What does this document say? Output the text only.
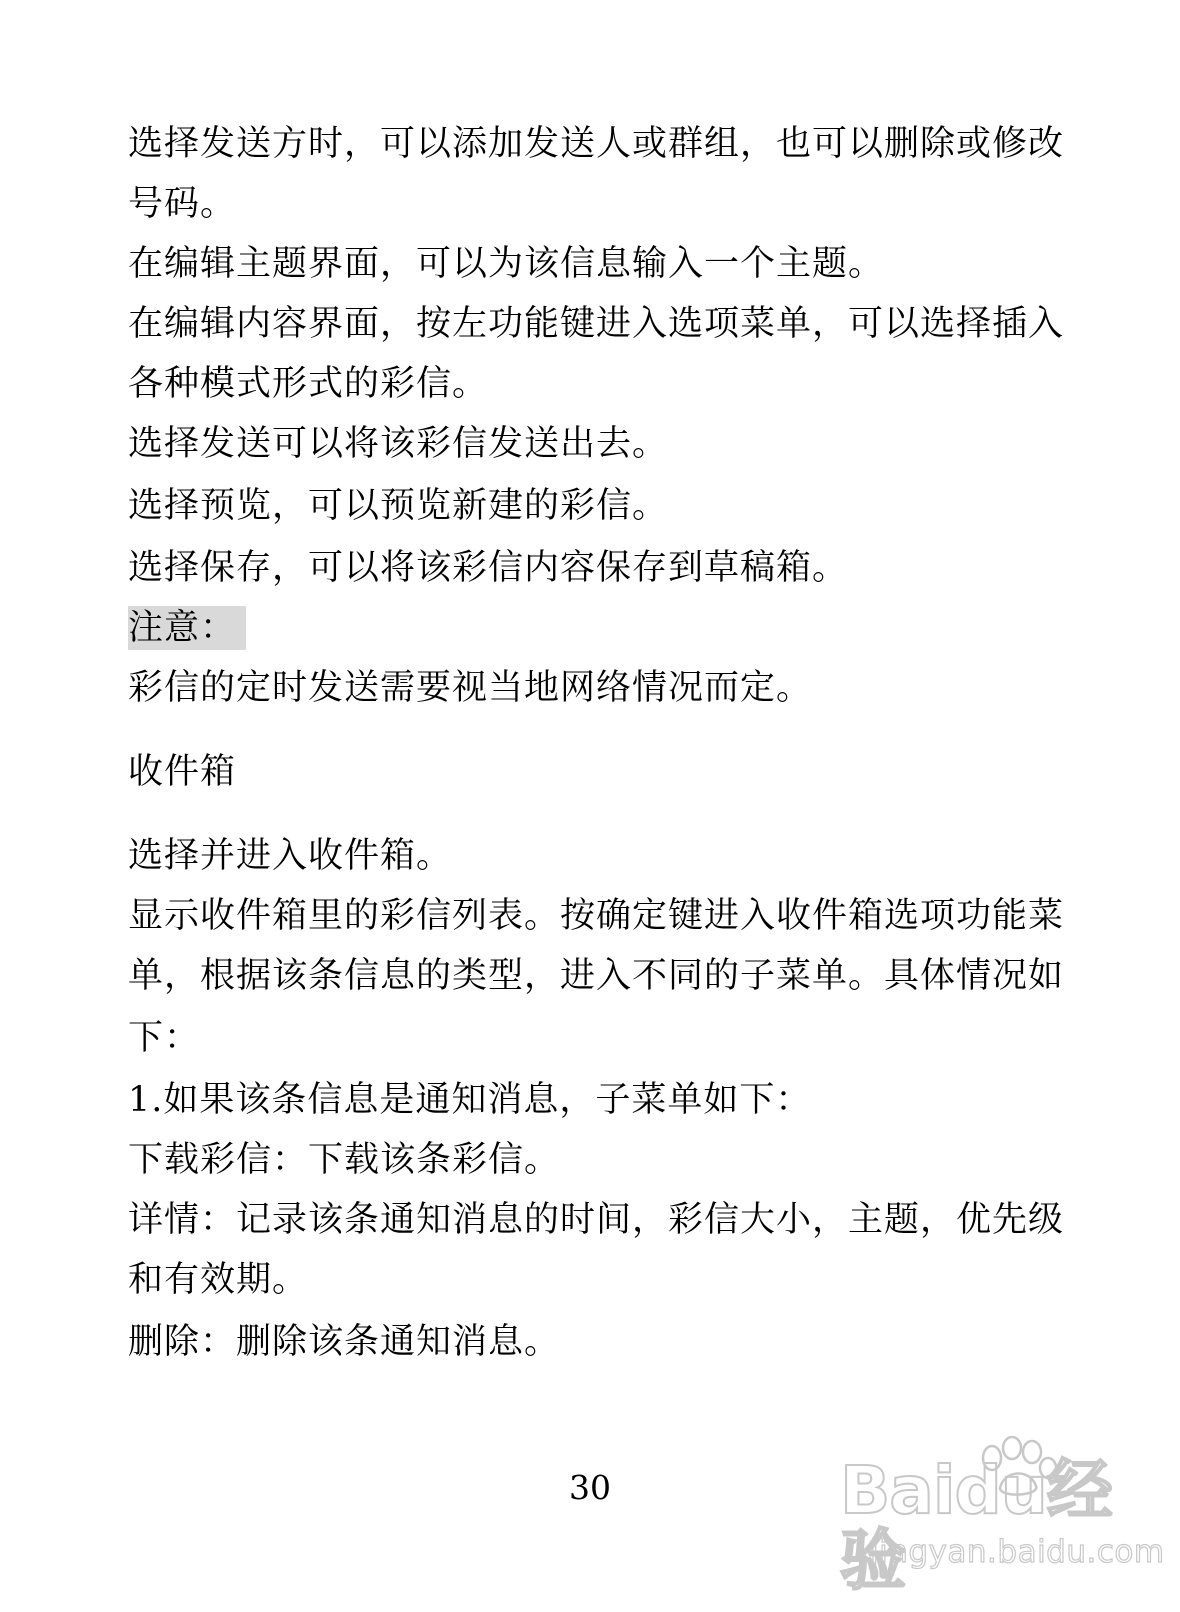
选择发送方时，可以添加发送人或群组，也可以删除或修改
号码。
在编辑主题界面，可以为该信息输入一个主题。
在编辑内容界面，按左功能键进入选项菜单，可以选择插入
各种模式形式的彩信。
选择发送可以将该彩信发送出去。
选择预览，可以预览新建的彩信。
选择保存，可以将该彩信内容保存到草稿箱。
注意：
彩信的定时发送需要视当地网络情况而定。
收件箱
选择并进入收件箱。
显示收件箱里的彩信列表。按确定键进入收件箱选项功能菜
单，根据该条信息的类型，进入不同的子菜单。具体情况如
下：
1.如果该条信息是通知消息，子菜单如下：
下载彩信：下载该条彩信。
详情：记录该条通知消息的时间，彩信大小，主题，优先级
和有效期。
删除：删除该条通知消息。
30	Baidu经验
jingyan.baidu.com
